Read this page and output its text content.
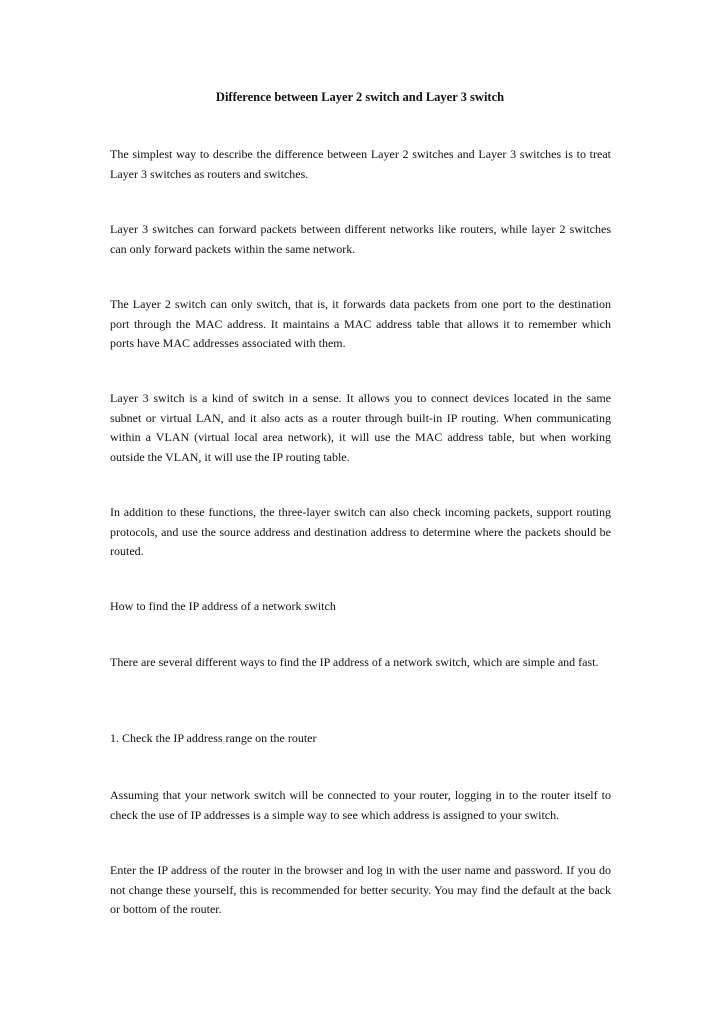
Difference between Layer 2 switch and Layer 3 switch

The simplest way to describe the difference between Layer 2 switches and Layer 3 switches is to treat Layer 3 switches as routers and switches.

Layer 3 switches can forward packets between different networks like routers, while layer 2 switches can only forward packets within the same network.

The Layer 2 switch can only switch, that is, it forwards data packets from one port to the destination port through the MAC address. It maintains a MAC address table that allows it to remember which ports have MAC addresses associated with them.

Layer 3 switch is a kind of switch in a sense. It allows you to connect devices located in the same subnet or virtual LAN, and it also acts as a router through built-in IP routing. When communicating within a VLAN (virtual local area network), it will use the MAC address table, but when working outside the VLAN, it will use the IP routing table.

In addition to these functions, the three-layer switch can also check incoming packets, support routing protocols, and use the source address and destination address to determine where the packets should be routed.

How to find the IP address of a network switch

There are several different ways to find the IP address of a network switch, which are simple and fast.

1. Check the IP address range on the router

Assuming that your network switch will be connected to your router, logging in to the router itself to check the use of IP addresses is a simple way to see which address is assigned to your switch.

Enter the IP address of the router in the browser and log in with the user name and password. If you do not change these yourself, this is recommended for better security. You may find the default at the back or bottom of the router.
